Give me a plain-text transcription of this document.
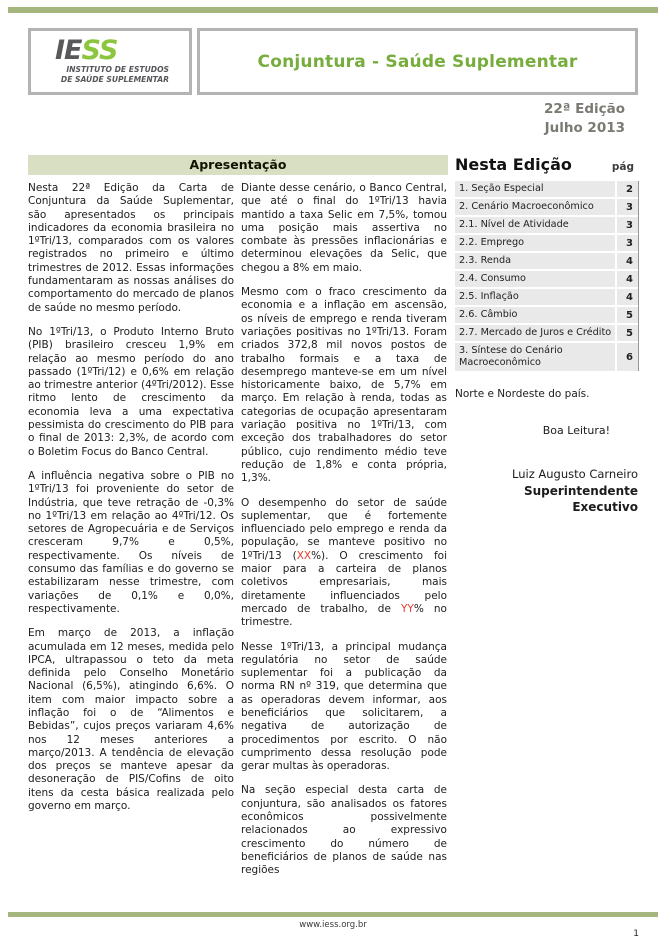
IESS
INSTITUTO DE ESTUDOS
DE SAÚDE SUPLEMENTAR
Conjuntura - Saúde Suplementar
22ª Edição
Julho 2013
Apresentação

Nesta 22ª Edição da Carta de Conjuntura da Saúde Suplementar, são apresentados os principais indicadores da economia brasileira no 1ºTri/13, comparados com os valores registrados no primeiro e último trimestres de 2012. Essas informações fundamentaram as nossas análises do comportamento do mercado de planos de saúde no mesmo período.

No 1ºTri/13, o Produto Interno Bruto (PIB) brasileiro cresceu 1,9% em relação ao mesmo período do ano passado (1ºTri/12) e 0,6% em relação ao trimestre anterior (4ºTri/2012). Esse ritmo lento de crescimento da economia leva a uma expectativa pessimista do crescimento do PIB para o final de 2013: 2,3%, de acordo com o Boletim Focus do Banco Central.

A influência negativa sobre o PIB no 1ºTri/13 foi proveniente do setor de Indústria, que teve retração de -0,3% no 1ºTri/13 em relação ao 4ºTri/12. Os setores de Agropecuária e de Serviços cresceram 9,7% e 0,5%, respectivamente. Os níveis de consumo das famílias e do governo se estabilizaram nesse trimestre, com variações de 0,1% e 0,0%, respectivamente.

Em março de 2013, a inflação acumulada em 12 meses, medida pelo IPCA, ultrapassou o teto da meta definida pelo Conselho Monetário Nacional (6,5%), atingindo 6,6%. O item com maior impacto sobre a inflação foi o de “Alimentos e Bebidas”, cujos preços variaram 4,6% nos 12 meses anteriores a março/2013. A tendência de elevação dos preços se manteve apesar da desoneração de PIS/Cofins de oito itens da cesta básica realizada pelo governo em março.

Diante desse cenário, o Banco Central, que até o final do 1ºTri/13 havia mantido a taxa Selic em 7,5%, tomou uma posição mais assertiva no combate às pressões inflacionárias e determinou elevações da Selic, que chegou a 8% em maio.

Mesmo com o fraco crescimento da economia e a inflação em ascensão, os níveis de emprego e renda tiveram variações positivas no 1ºTri/13. Foram criados 372,8 mil novos postos de trabalho formais e a taxa de desemprego manteve-se em um nível historicamente baixo, de 5,7% em março. Em relação à renda, todas as categorias de ocupação apresentaram variação positiva no 1ºTri/13, com exceção dos trabalhadores do setor público, cujo rendimento médio teve redução de 1,8% e conta própria, 1,3%.

O desempenho do setor de saúde suplementar, que é fortemente influenciado pelo emprego e renda da população, se manteve positivo no 1ºTri/13 (XX%). O crescimento foi maior para a carteira de planos coletivos empresariais, mais diretamente influenciados pelo mercado de trabalho, de YY% no trimestre.

Nesse 1ºTri/13, a principal mudança regulatória no setor de saúde suplementar foi a publicação da norma RN nº 319, que determina que as operadoras devem informar, aos beneficiários que solicitarem, a negativa de autorização de procedimentos por escrito. O não cumprimento dessa resolução pode gerar multas às operadoras.

Na seção especial desta carta de conjuntura, são analisados os fatores econômicos possivelmente relacionados ao expressivo crescimento do número de beneficiários de planos de saúde nas regiões

Nesta Edição	pág
1. Seção Especial	2
2. Cenário Macroeconômico	3
2.1. Nível de Atividade	3
2.2. Emprego	3
2.3. Renda	4
2.4. Consumo	4
2.5. Inflação	4
2.6. Câmbio	5
2.7. Mercado de Juros e Crédito	5
3. Síntese do Cenário Macroeconômico	6
Norte e Nordeste do país.
Boa Leitura!
Luiz Augusto Carneiro
Superintendente Executivo
www.iess.org.br
1
